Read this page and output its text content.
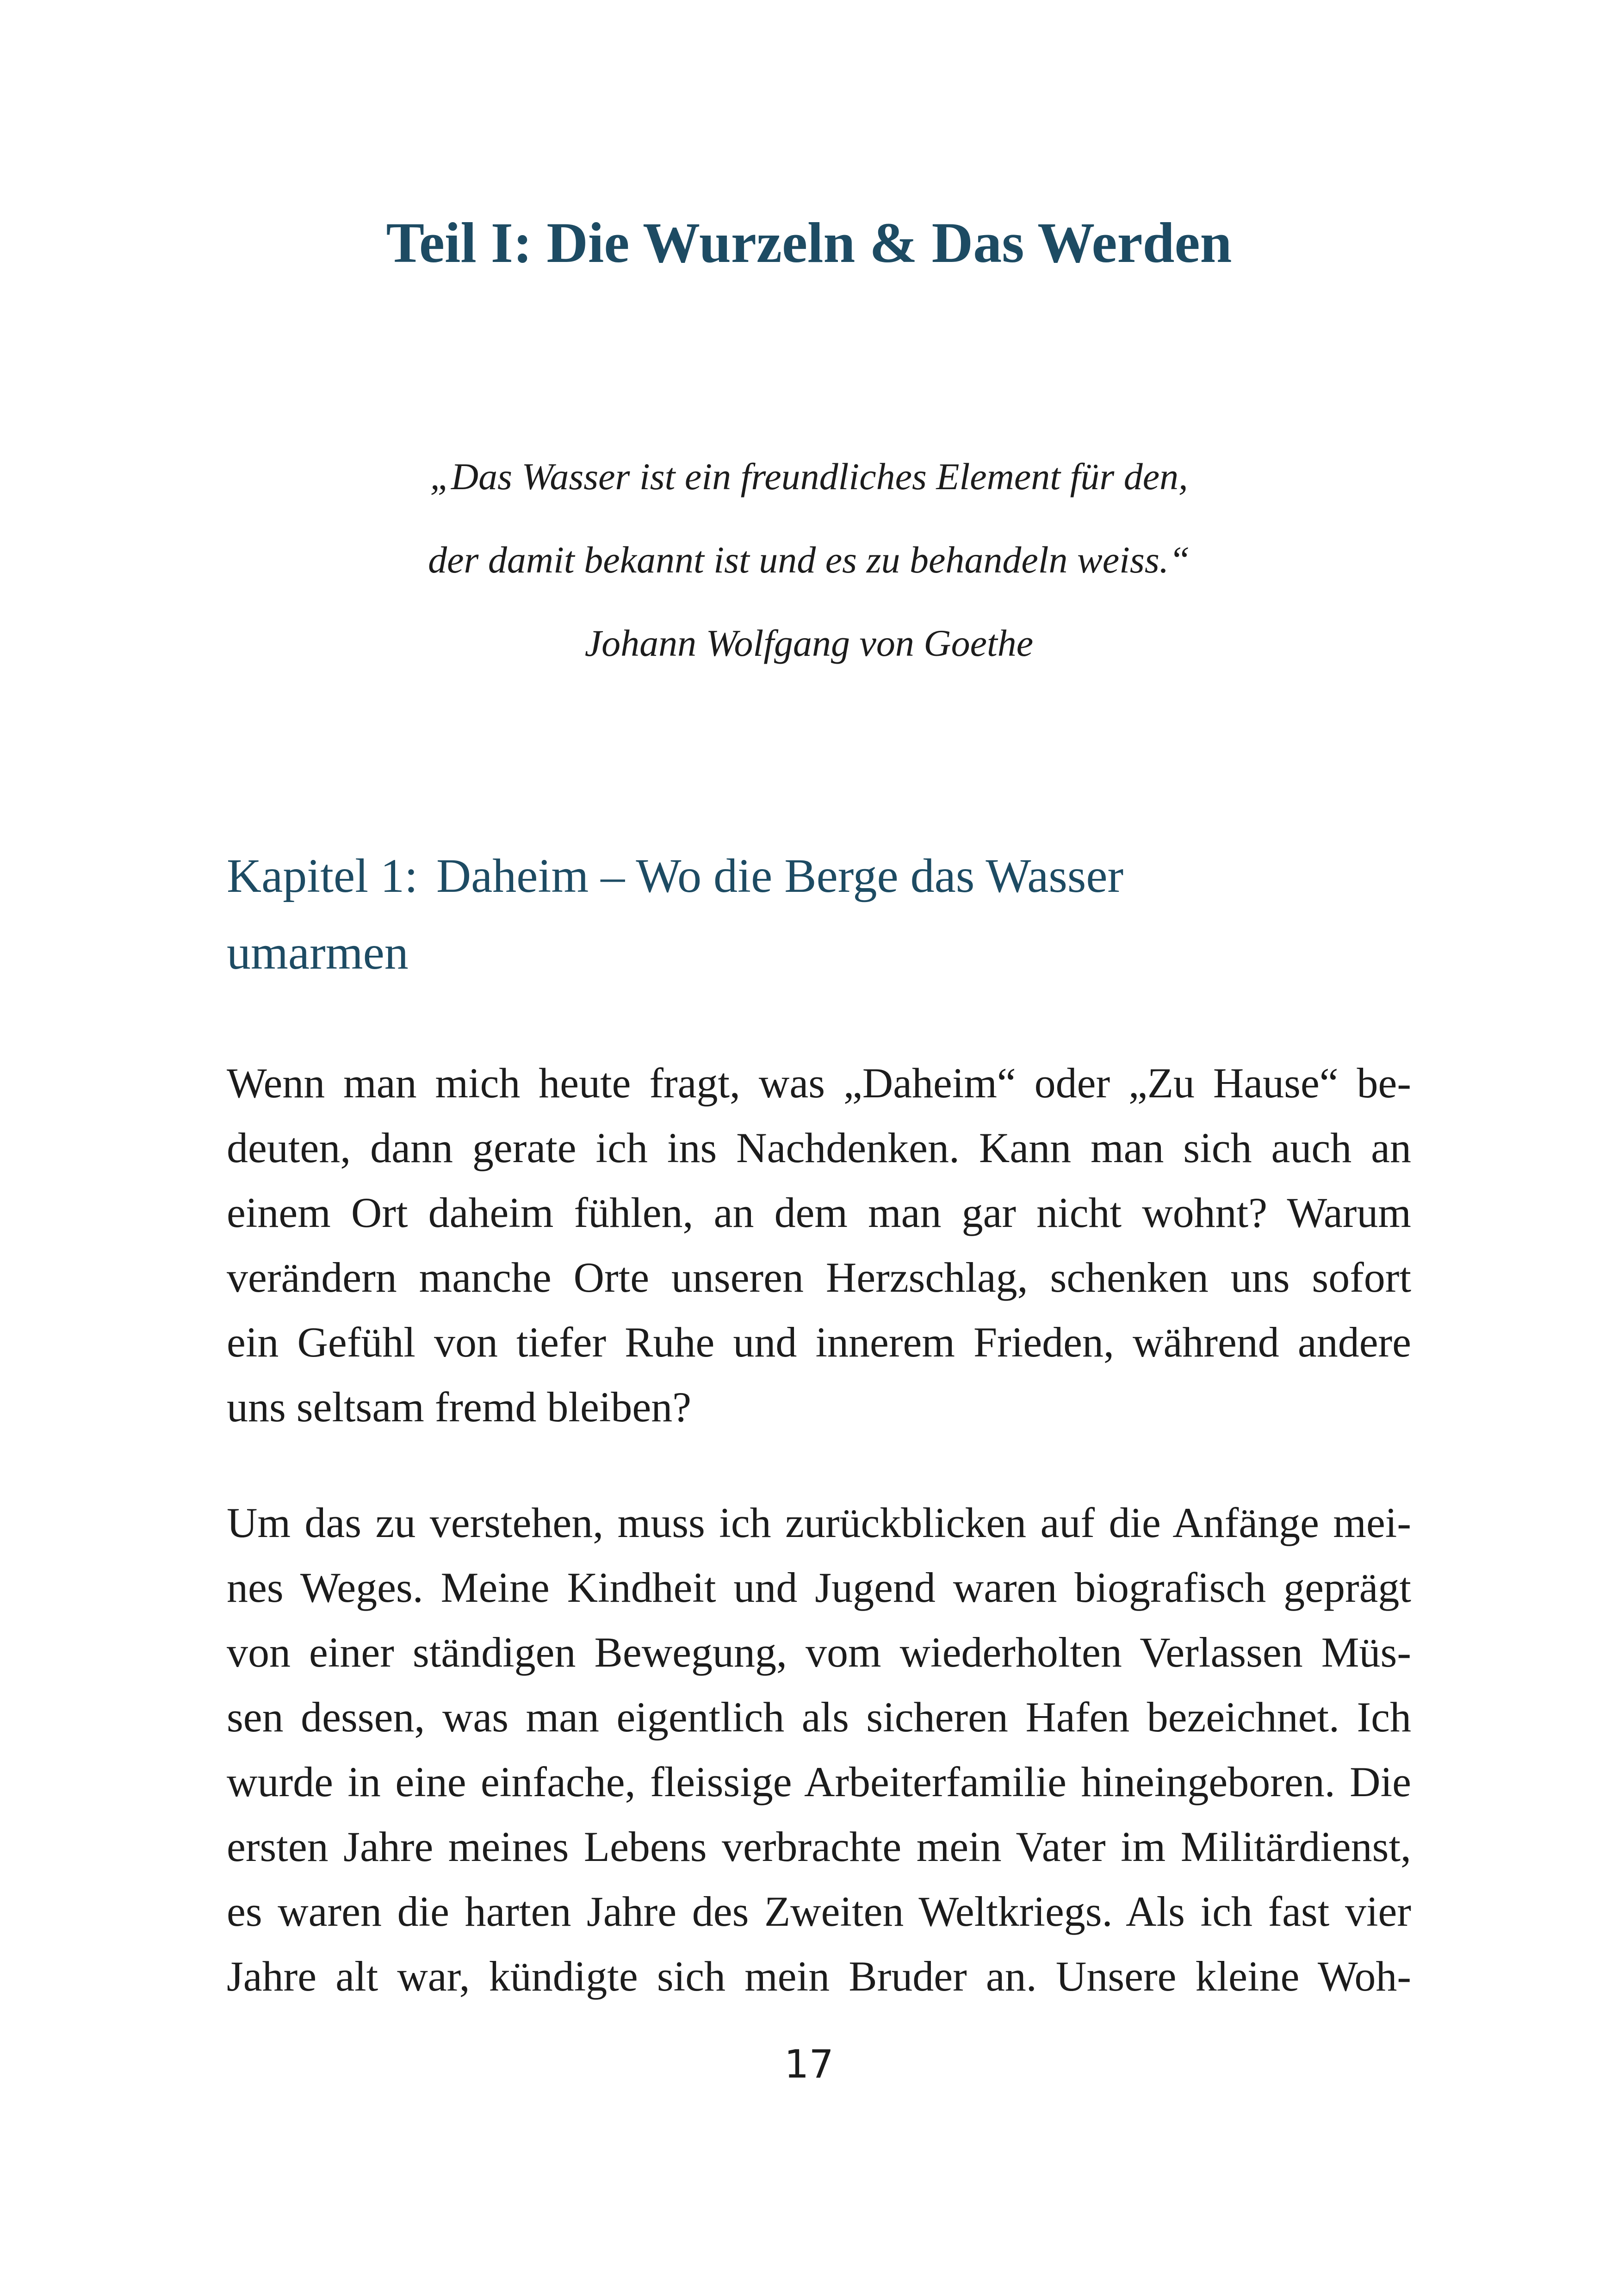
Teil I: Die Wurzeln & Das Werden
„Das Wasser ist ein freundliches Element für den,
der damit bekannt ist und es zu behandeln weiss.“
Johann Wolfgang von Goethe
Kapitel 1: Daheim – Wo die Berge das Wasser
umarmen

Wenn man mich heute fragt, was „Daheim“ oder „Zu Hause“ be-
deuten, dann gerate ich ins Nachdenken. Kann man sich auch an
einem Ort daheim fühlen, an dem man gar nicht wohnt? Warum
verändern manche Orte unseren Herzschlag, schenken uns sofort
ein Gefühl von tiefer Ruhe und innerem Frieden, während andere
uns seltsam fremd bleiben?

Um das zu verstehen, muss ich zurückblicken auf die Anfänge mei-
nes Weges. Meine Kindheit und Jugend waren biografisch geprägt
von einer ständigen Bewegung, vom wiederholten Verlassen Müs-
sen dessen, was man eigentlich als sicheren Hafen bezeichnet. Ich
wurde in eine einfache, fleissige Arbeiterfamilie hineingeboren. Die
ersten Jahre meines Lebens verbrachte mein Vater im Militärdienst,
es waren die harten Jahre des Zweiten Weltkriegs. Als ich fast vier
Jahre alt war, kündigte sich mein Bruder an. Unsere kleine Woh-

17
